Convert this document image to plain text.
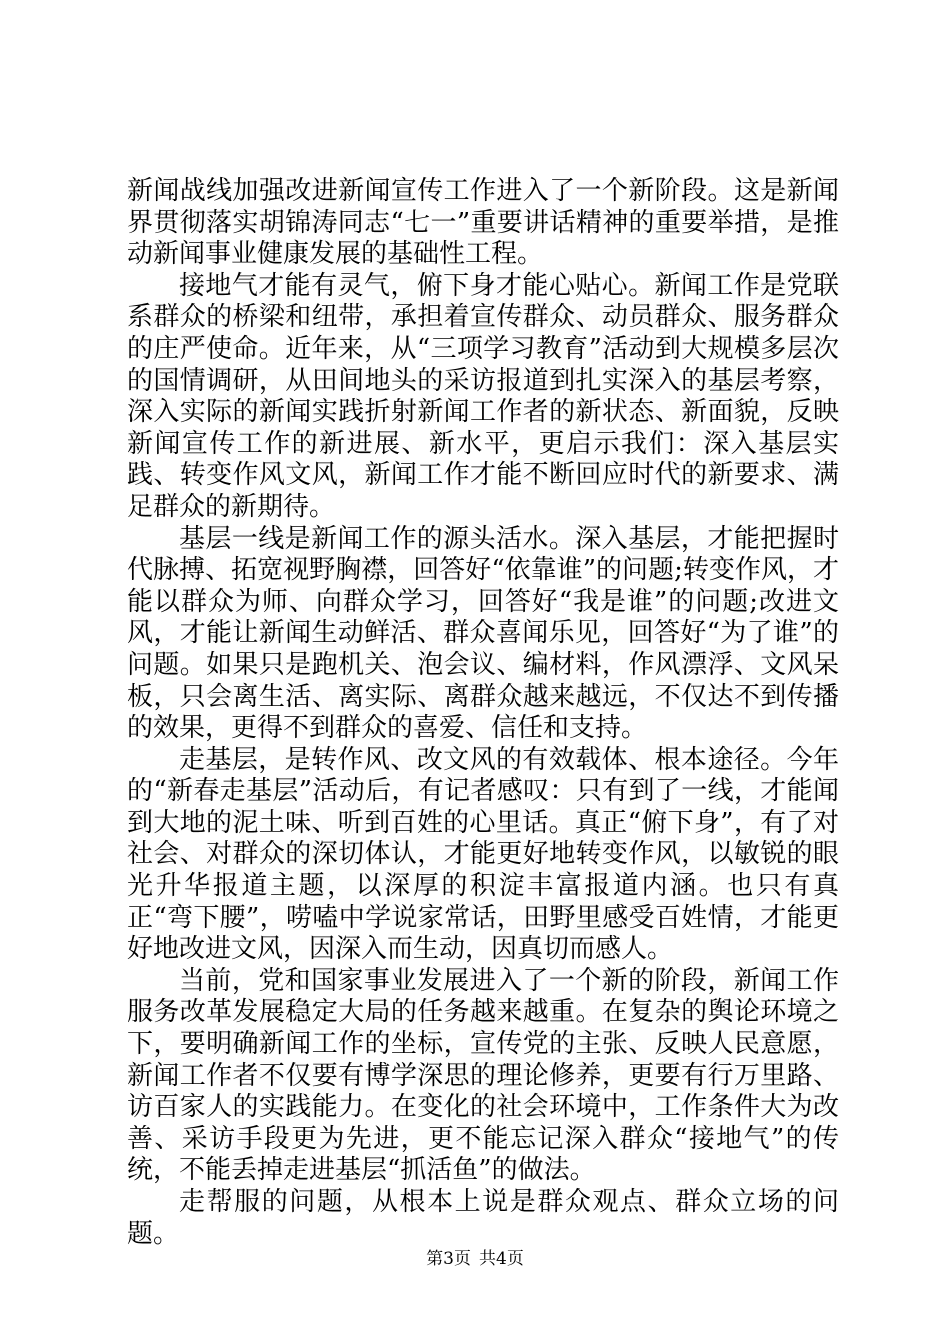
新闻战线加强改进新闻宣传工作进入了一个新阶段。这是新闻界贯彻落实胡锦涛同志“七一”重要讲话精神的重要举措，是推动新闻事业健康发展的基础性工程。

接地气才能有灵气，俯下身才能心贴心。新闻工作是党联系群众的桥梁和纽带，承担着宣传群众、动员群众、服务群众的庄严使命。近年来，从“三项学习教育”活动到大规模多层次的国情调研，从田间地头的采访报道到扎实深入的基层考察，深入实际的新闻实践折射新闻工作者的新状态、新面貌，反映新闻宣传工作的新进展、新水平，更启示我们：深入基层实践、转变作风文风，新闻工作才能不断回应时代的新要求、满足群众的新期待。

基层一线是新闻工作的源头活水。深入基层，才能把握时代脉搏、拓宽视野胸襟，回答好“依靠谁”的问题;转变作风，才能以群众为师、向群众学习，回答好“我是谁”的问题;改进文风，才能让新闻生动鲜活、群众喜闻乐见，回答好“为了谁”的问题。如果只是跑机关、泡会议、编材料，作风漂浮、文风呆板，只会离生活、离实际、离群众越来越远，不仅达不到传播的效果，更得不到群众的喜爱、信任和支持。

走基层，是转作风、改文风的有效载体、根本途径。今年的“新春走基层”活动后，有记者感叹：只有到了一线，才能闻到大地的泥土味、听到百姓的心里话。真正“俯下身”，有了对社会、对群众的深切体认，才能更好地转变作风，以敏锐的眼光升华报道主题，以深厚的积淀丰富报道内涵。也只有真正“弯下腰”，唠嗑中学说家常话，田野里感受百姓情，才能更好地改进文风，因深入而生动，因真切而感人。

当前，党和国家事业发展进入了一个新的阶段，新闻工作服务改革发展稳定大局的任务越来越重。在复杂的舆论环境之下，要明确新闻工作的坐标，宣传党的主张、反映人民意愿，新闻工作者不仅要有博学深思的理论修养，更要有行万里路、访百家人的实践能力。在变化的社会环境中，工作条件大为改善、采访手段更为先进，更不能忘记深入群众“接地气”的传统，不能丢掉走进基层“抓活鱼”的做法。

走帮服的问题，从根本上说是群众观点、群众立场的问题。

第3页 共4页
